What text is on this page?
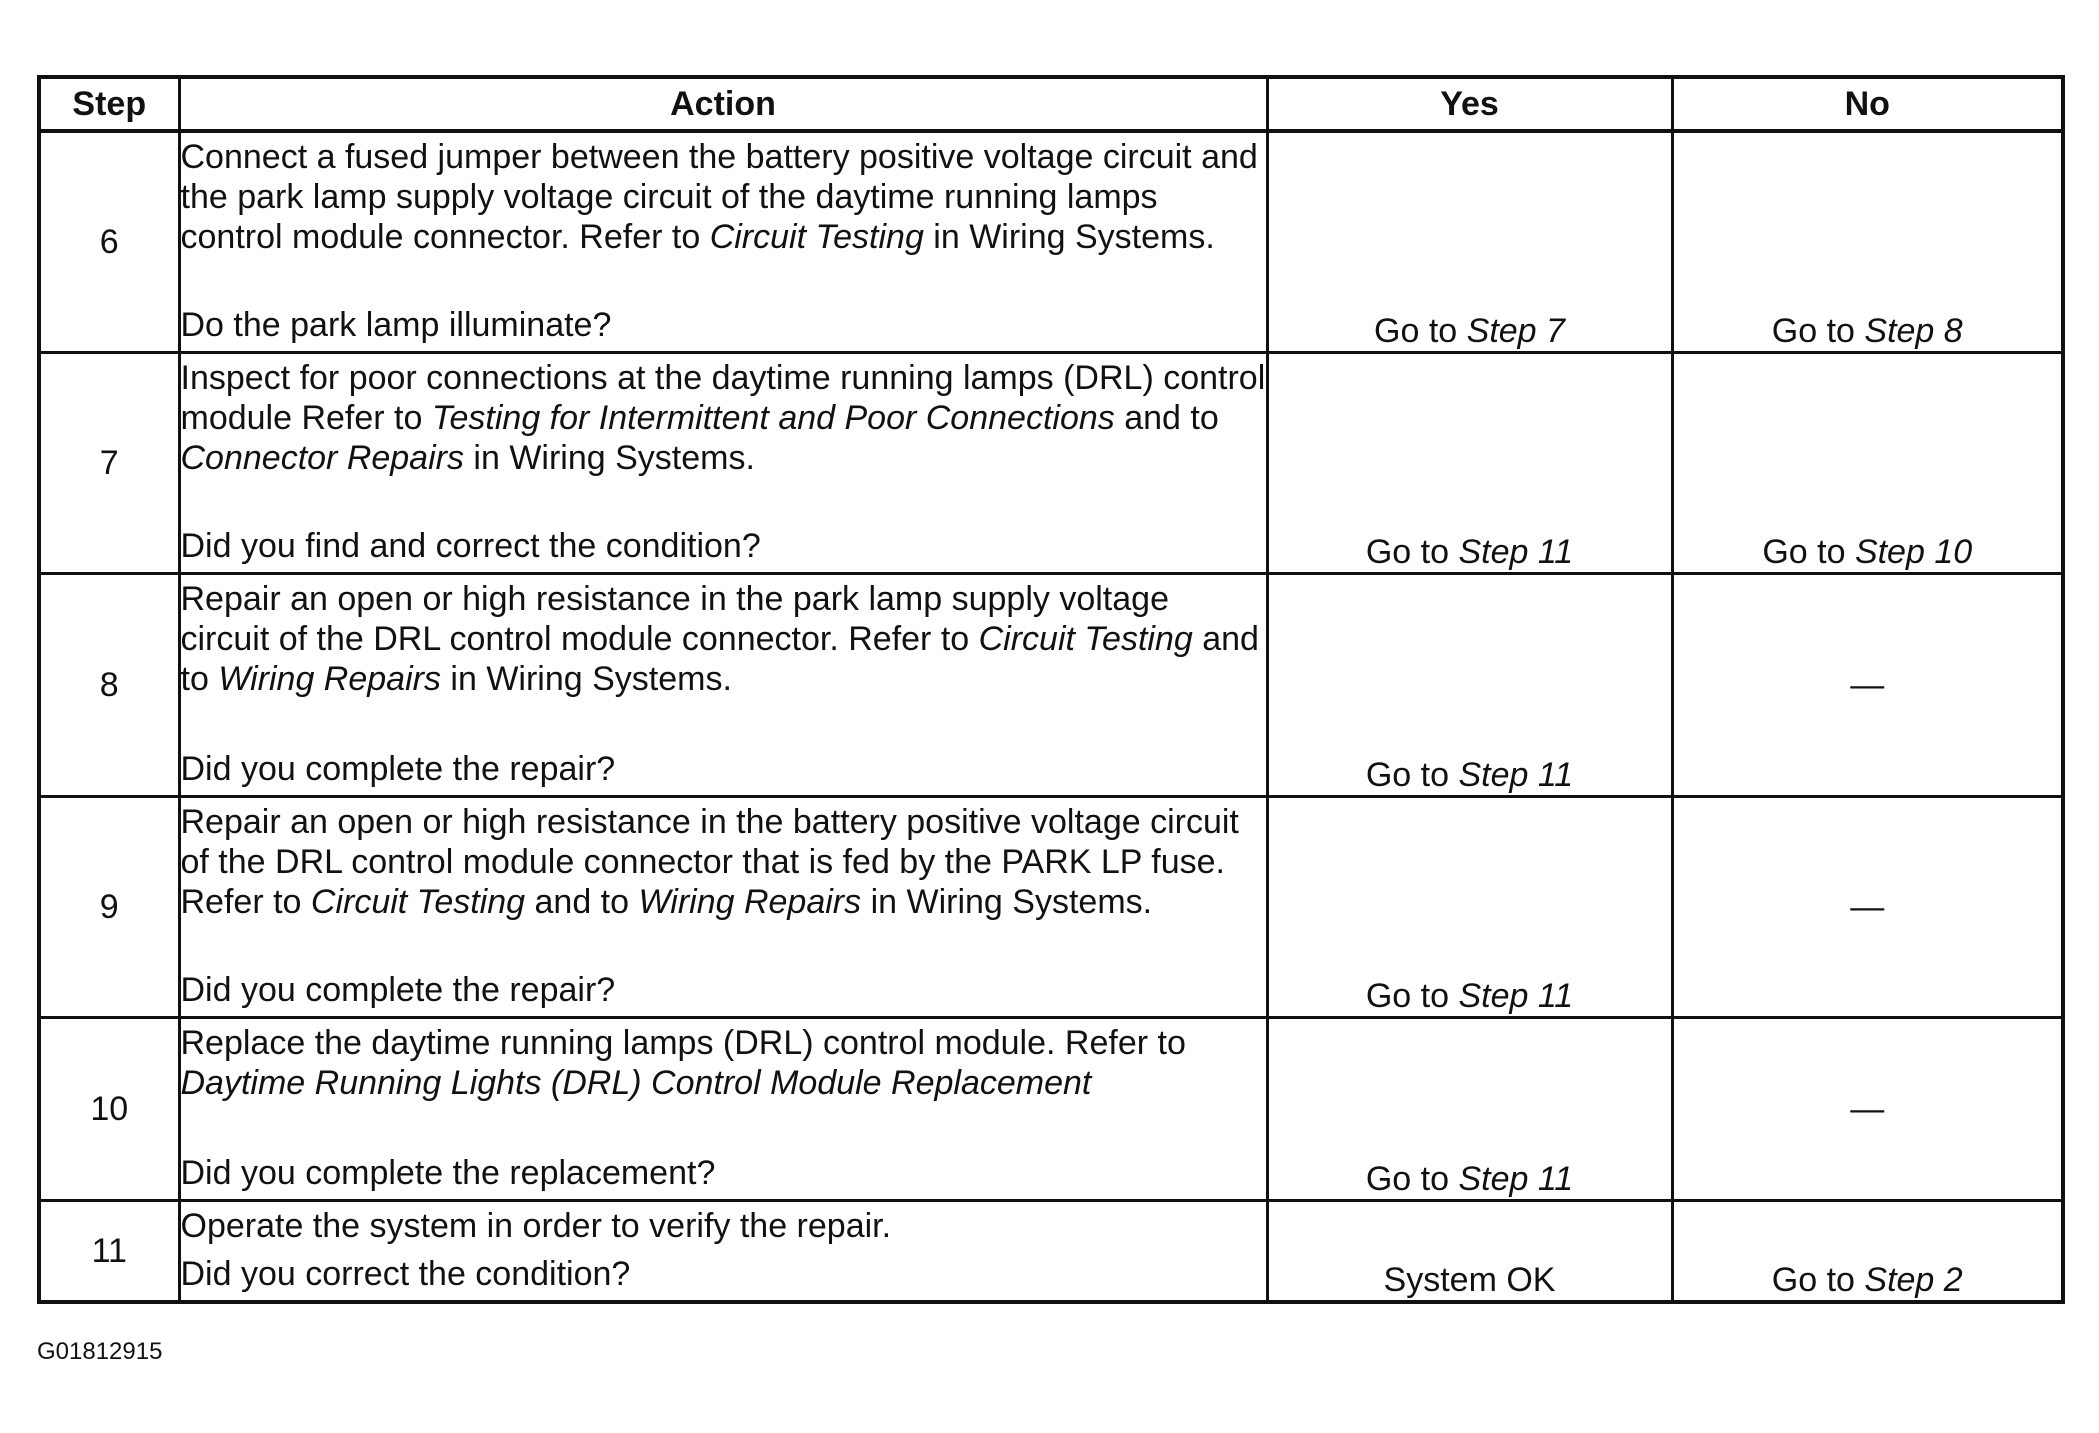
Step	Action	Yes	No
6	Connect a fused jumper between the battery positive voltage circuit and the park lamp supply voltage circuit of the daytime running lamps control module connector. Refer to Circuit Testing in Wiring Systems.
Do the park lamp illuminate?	Go to Step 7	Go to Step 8
7	Inspect for poor connections at the daytime running lamps (DRL) control module Refer to Testing for Intermittent and Poor Connections and to Connector Repairs in Wiring Systems.
Did you find and correct the condition?	Go to Step 11	Go to Step 10
8	Repair an open or high resistance in the park lamp supply voltage circuit of the DRL control module connector. Refer to Circuit Testing and to Wiring Repairs in Wiring Systems.
Did you complete the repair?	Go to Step 11	—
9	Repair an open or high resistance in the battery positive voltage circuit of the DRL control module connector that is fed by the PARK LP fuse. Refer to Circuit Testing and to Wiring Repairs in Wiring Systems.
Did you complete the repair?	Go to Step 11	—
10	Replace the daytime running lamps (DRL) control module. Refer to Daytime Running Lights (DRL) Control Module Replacement
Did you complete the replacement?	Go to Step 11	—
11	Operate the system in order to verify the repair.
Did you correct the condition?	System OK	Go to Step 2
G01812915
